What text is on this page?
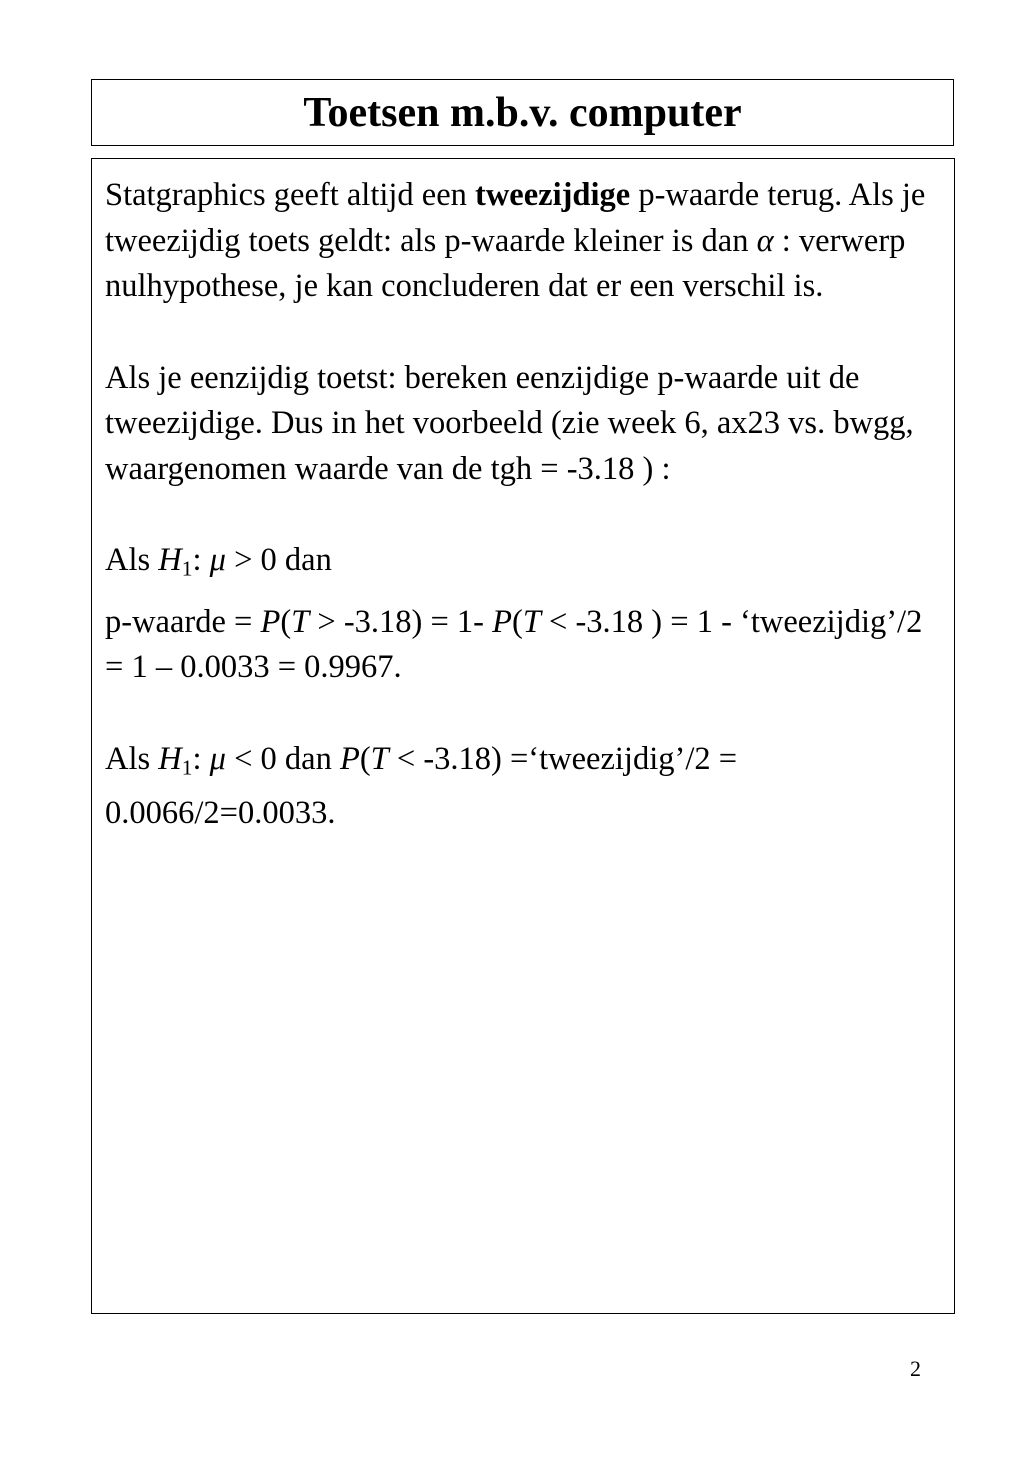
Toetsen m.b.v. computer

Statgraphics geeft altijd een tweezijdige p-waarde terug. Als je tweezijdig toets geldt: als p-waarde kleiner is dan α : verwerp nulhypothese, je kan concluderen dat er een verschil is.

Als je eenzijdig toetst: bereken eenzijdige p-waarde uit de tweezijdige. Dus in het voorbeeld (zie week 6, ax23 vs. bwgg, waargenomen waarde van de tgh = -3.18 ) :

Als $H_1$: μ > 0 dan

p-waarde = P(T > -3.18) = 1- P(T < -3.18 ) = 1 - ‘tweezijdig’/2 = 1 – 0.0033 = 0.9967.

Als $H_1$: μ < 0 dan P(T < -3.18) =‘tweezijdig’/2 = 0.0066/2=0.0033.

2
